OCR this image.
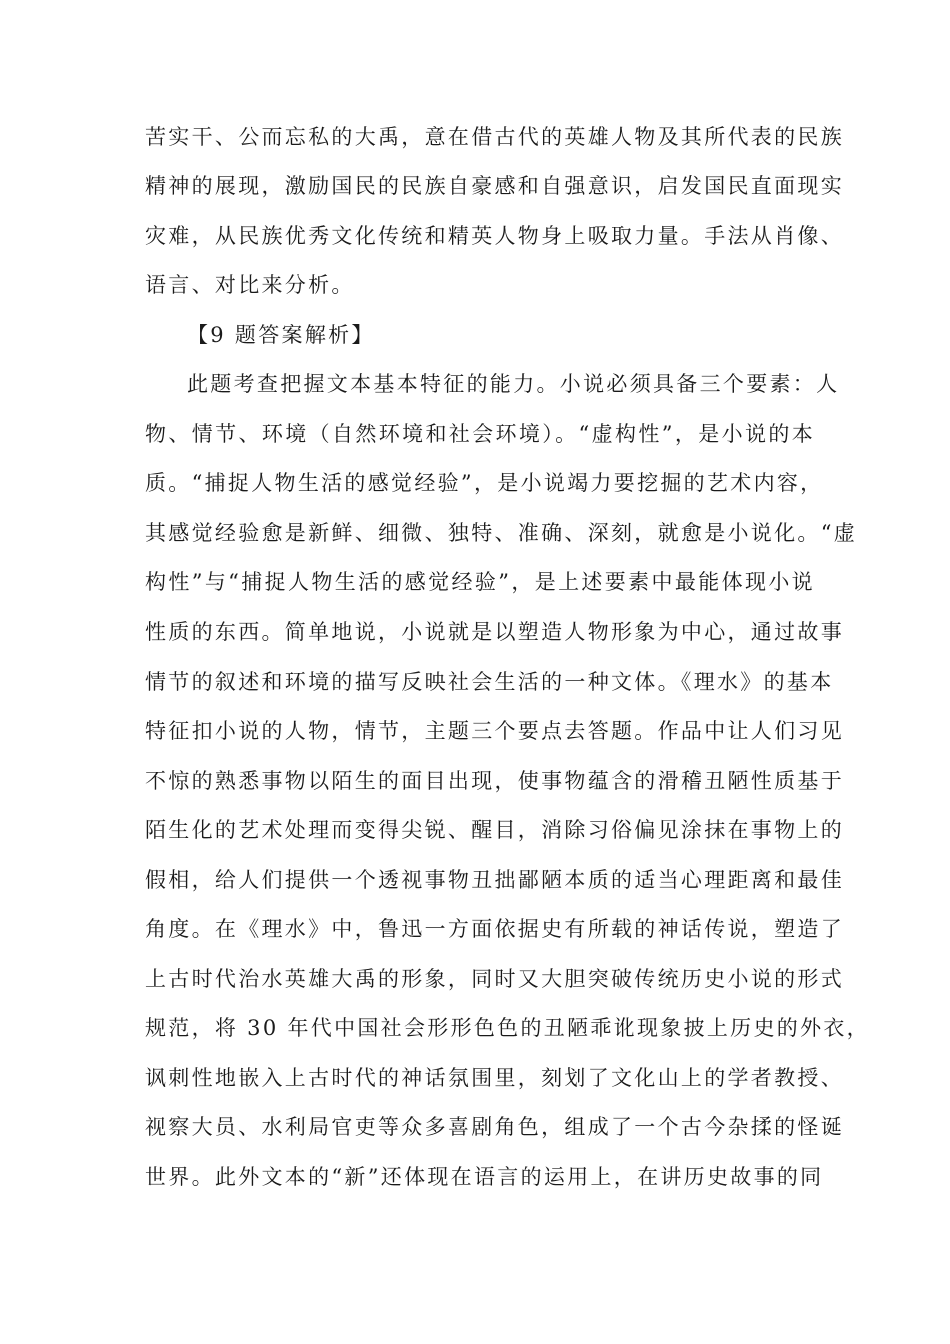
苦实干、公而忘私的大禹，意在借古代的英雄人物及其所代表的民族
精神的展现，激励国民的民族自豪感和自强意识，启发国民直面现实
灾难，从民族优秀文化传统和精英人物身上吸取力量。手法从肖像、
语言、对比来分析。
【9 题答案解析】
此题考查把握文本基本特征的能力。小说必须具备三个要素：人
物、情节、环境（自然环境和社会环境）。“虚构性”，是小说的本
质。“捕捉人物生活的感觉经验”，是小说竭力要挖掘的艺术内容，
其感觉经验愈是新鲜、细微、独特、准确、深刻，就愈是小说化。“虚
构性”与“捕捉人物生活的感觉经验”，是上述要素中最能体现小说
性质的东西。简单地说，小说就是以塑造人物形象为中心，通过故事
情节的叙述和环境的描写反映社会生活的一种文体。《理水》的基本
特征扣小说的人物，情节，主题三个要点去答题。作品中让人们习见
不惊的熟悉事物以陌生的面目出现，使事物蕴含的滑稽丑陋性质基于
陌生化的艺术处理而变得尖锐、醒目，消除习俗偏见涂抹在事物上的
假相，给人们提供一个透视事物丑拙鄙陋本质的适当心理距离和最佳
角度。在《理水》中，鲁迅一方面依据史有所载的神话传说，塑造了
上古时代治水英雄大禹的形象，同时又大胆突破传统历史小说的形式
规范，将 30 年代中国社会形形色色的丑陋乖讹现象披上历史的外衣，
讽刺性地嵌入上古时代的神话氛围里，刻划了文化山上的学者教授、
视察大员、水利局官吏等众多喜剧角色，组成了一个古今杂揉的怪诞
世界。此外文本的“新”还体现在语言的运用上，在讲历史故事的同
